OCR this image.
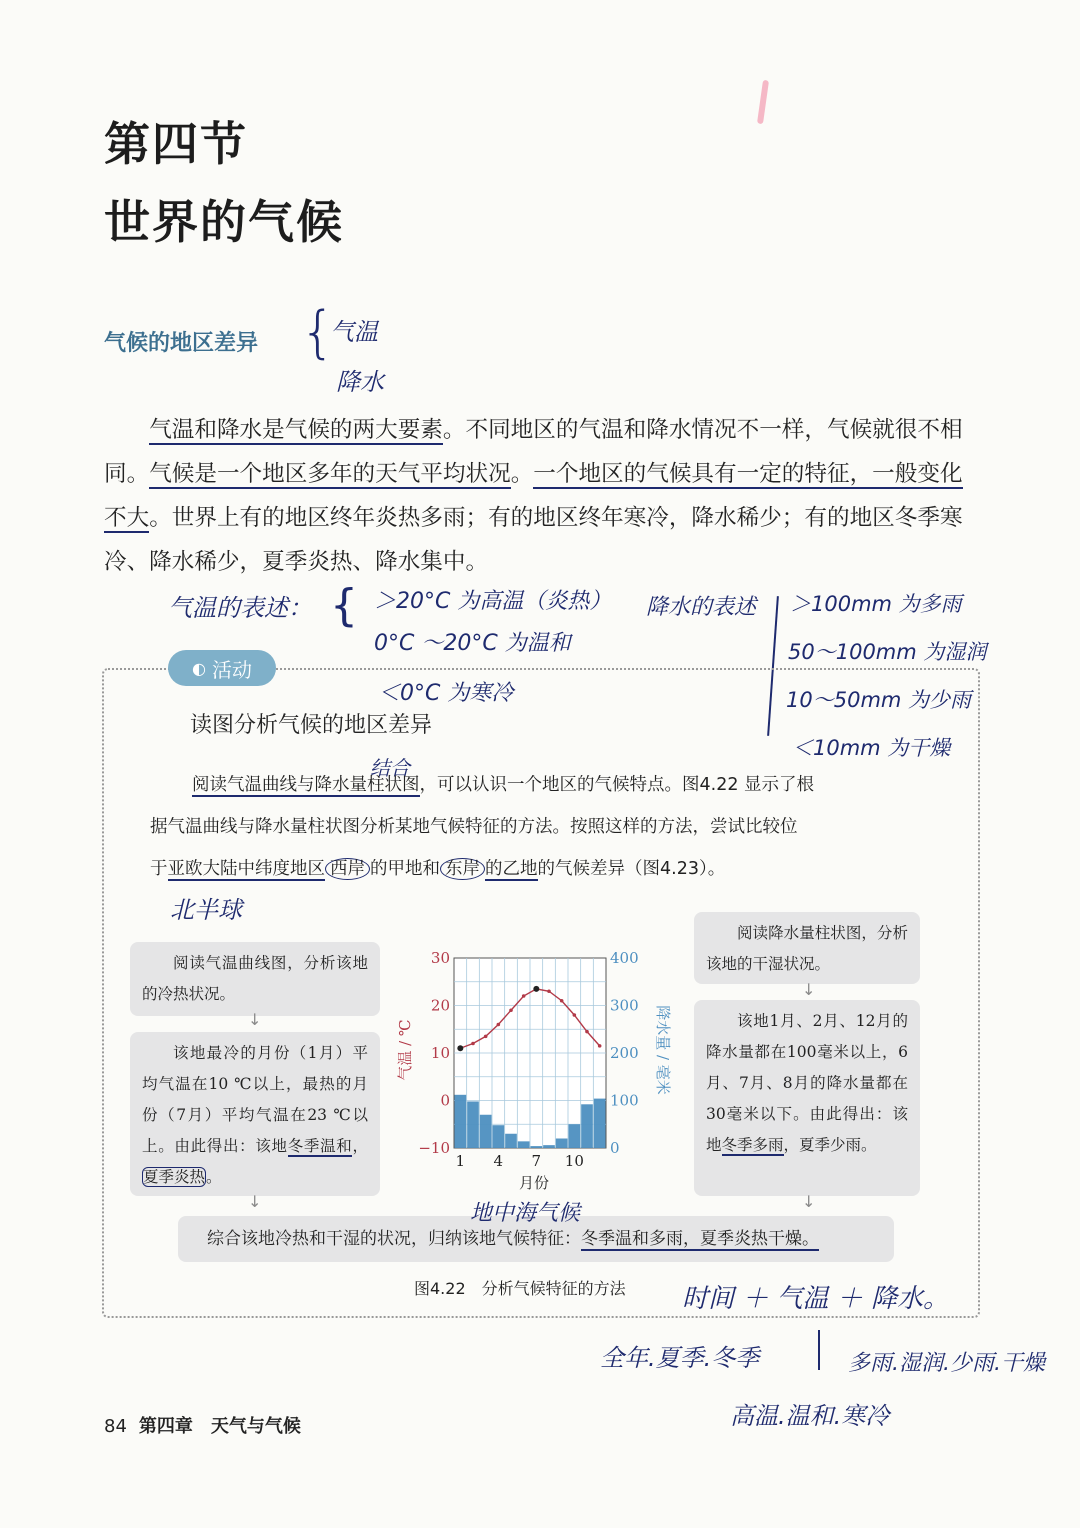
第四节
世界的气候
气候的地区差异 {
气温
降水

气温和降水是气候的两大要素。不同地区的气温和降水情况不一样，气候就很不相同。气候是一个地区多年的天气平均状况。一个地区的气候具有一定的特征，一般变化不大。世界上有的地区终年炎热多雨；有的地区终年寒冷，降水稀少；有的地区冬季寒冷、降水稀少，夏季炎热、降水集中。

气温的表述： { ＞20°C 为高温（炎热）
0°C ～20°C 为温和
＜0°C 为寒冷
降水的表述 ＞100mm 为多雨
50～100mm 为湿润
10～50mm 为少雨
＜10mm 为干燥
◐ 活动
读图分析气候的地区差异
结合

阅读气温曲线与降水量柱状图，可以认识一个地区的气候特点。图4.22 显示了根

据气温曲线与降水量柱状图分析某地气候特征的方法。按照这样的方法，尝试比较位

于亚欧大陆中纬度地区 西岸 的甲地和 东岸 的乙地的气候差异（图4.23）。

北半球
阅读气温曲线图，分析该地的冷热状况。
↓
该地最冷的月份（1月）平均气温在10 ℃以上，最热的月份（7月）平均气温在23 ℃以上。由此得出：该地冬季温和，夏季炎热。
↓
阅读降水量柱状图，分析该地的干湿状况。
↓
该地1月、2月、12月的降水量都在100毫米以上，6月、7月、8月的降水量都在30毫米以下。由此得出：该地冬季多雨，夏季少雨。
↓
30
20
10
0
−10
400
300
200
100
0
1 4 7 10
气温 / ℃	降水量 / 毫米
月份
综合该地冷热和干湿的状况，归纳该地气候特征：冬季温和多雨，夏季炎热干燥。
地中海气候
图4.22　 分析气候特征的方法 时间 ＋ 气温 ＋ 降水。
全年.夏季.冬季	多雨.湿润.少雨.干燥
高温.温和.寒冷
84 第四章　天气与气候
